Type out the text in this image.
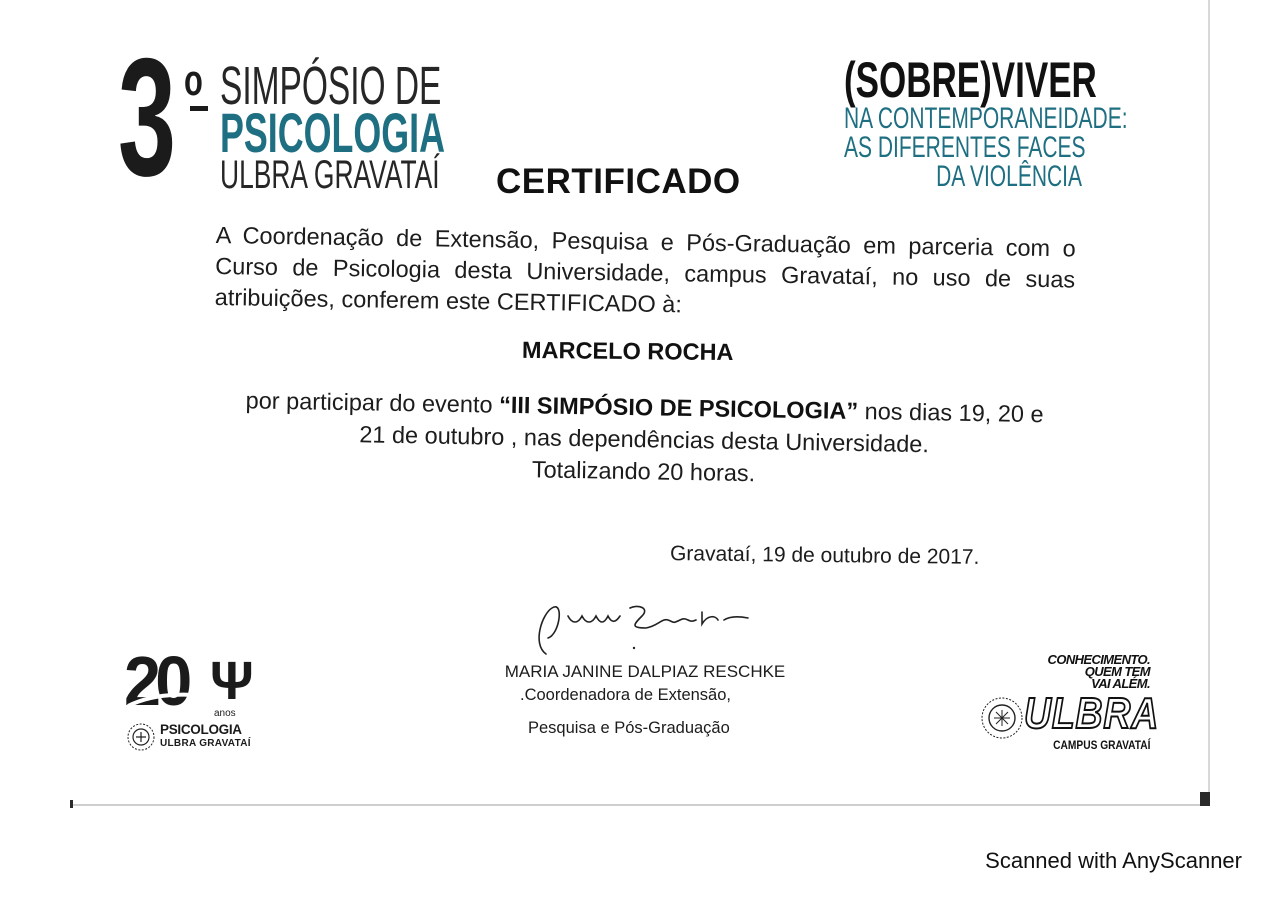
3 o SIMPÓSIO DE
PSICOLOGIA
ULBRA GRAVATAÍ
(SOBRE)VIVER
NA CONTEMPORANEIDADE:
AS DIFERENTES FACES
DA VIOLÊNCIA
CERTIFICADO
A Coordenação de Extensão, Pesquisa e Pós-Graduação em parceria com o Curso de Psicologia desta Universidade, campus Gravataí, no uso de suas atribuições, conferem este CERTIFICADO à:
MARCELO ROCHA
por participar do evento “III SIMPÓSIO DE PSICOLOGIA” nos dias 19, 20 e 21 de outubro , nas dependências desta Universidade.
Totalizando 20 horas.
Gravataí, 19 de outubro de 2017.
MARIA JANINE DALPIAZ RESCHKE
.Coordenadora de Extensão,
Pesquisa e Pós-Graduação
20 Ψ
anos
PSICOLOGIA
ULBRA GRAVATAÍ
CONHECIMENTO.
QUEM TEM
VAI ALÉM.
ULBRA
CAMPUS GRAVATAÍ
Scanned with AnyScanner
